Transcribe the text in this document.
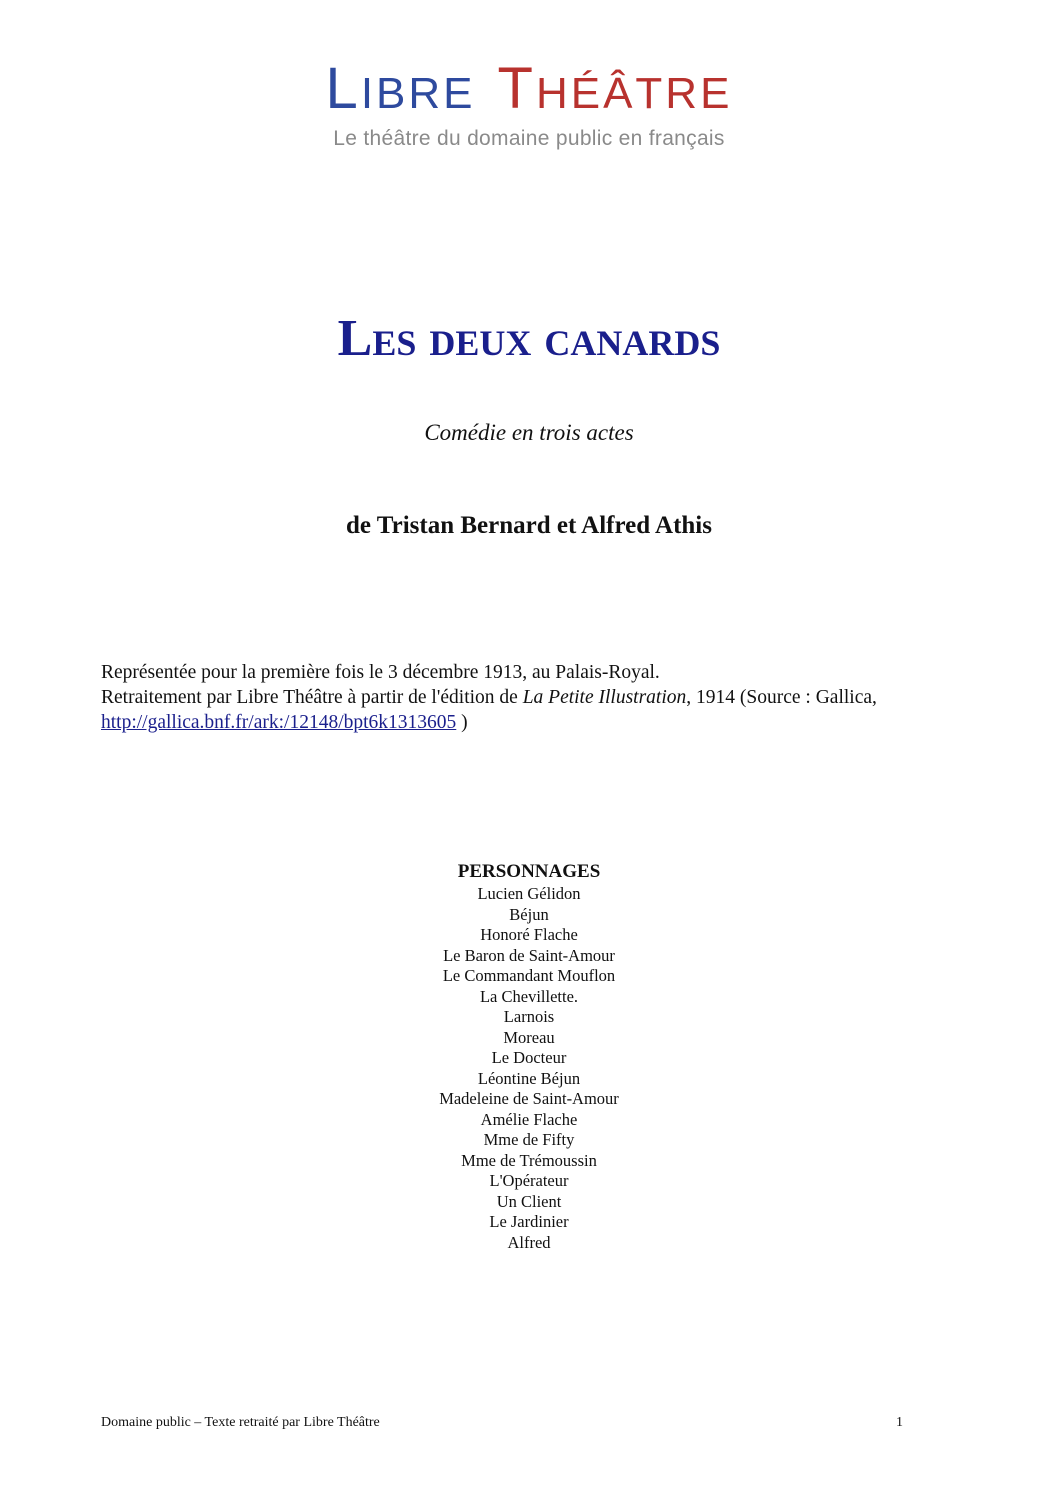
LIBRE THÉÂTRE
Le théâtre du domaine public en français
Les deux canards
Comédie en trois actes
de Tristan Bernard et Alfred Athis
Représentée pour la première fois le 3 décembre 1913, au Palais-Royal.
Retraitement par Libre Théâtre à partir de l'édition de La Petite Illustration, 1914 (Source : Gallica,
http://gallica.bnf.fr/ark:/12148/bpt6k1313605 )
PERSONNAGES
Lucien Gélidon
Béjun
Honoré Flache
Le Baron de Saint-Amour
Le Commandant Mouflon
La Chevillette.
Larnois
Moreau
Le Docteur
Léontine Béjun
Madeleine de Saint-Amour
Amélie Flache
Mme de Fifty
Mme de Trémoussin
L'Opérateur
Un Client
Le Jardinier
Alfred
Domaine public – Texte retraité par Libre Théâtre	1
